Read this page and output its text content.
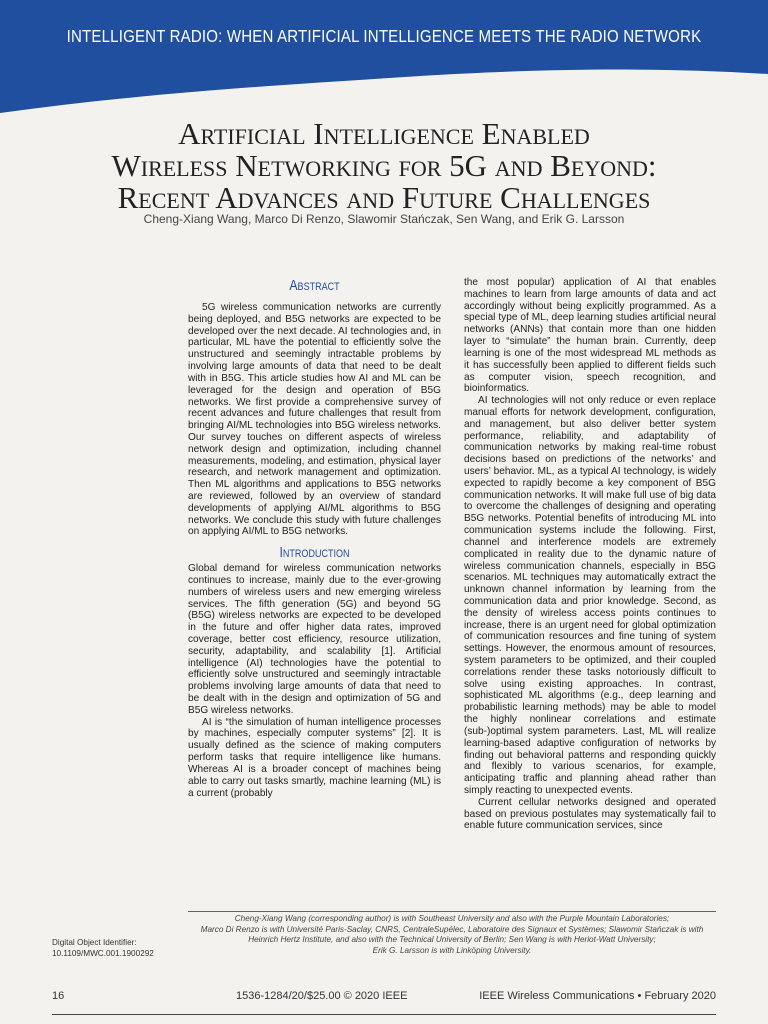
INTELLIGENT RADIO: WHEN ARTIFICIAL INTELLIGENCE MEETS THE RADIO NETWORK
Artificial Intelligence Enabled
Wireless Networking for 5G and Beyond:
Recent Advances and Future Challenges
Cheng-Xiang Wang, Marco Di Renzo, Slawomir Stańczak, Sen Wang, and Erik G. Larsson
Abstract

5G wireless communication networks are currently being deployed, and B5G networks are expected to be developed over the next decade. AI technologies and, in particular, ML have the potential to efficiently solve the unstructured and seemingly intractable problems by involving large amounts of data that need to be dealt with in B5G. This article studies how AI and ML can be leveraged for the design and operation of B5G networks. We first provide a comprehensive survey of recent advances and future challenges that result from bringing AI/ML technologies into B5G wireless networks. Our survey touches on different aspects of wireless network design and optimization, including channel measurements, modeling, and estimation, physical layer research, and network management and optimization. Then ML algorithms and applications to B5G networks are reviewed, followed by an overview of standard developments of applying AI/ML algorithms to B5G networks. We conclude this study with future challenges on applying AI/ML to B5G networks.

Introduction

Global demand for wireless communication networks continues to increase, mainly due to the ever-growing numbers of wireless users and new emerging wireless services. The fifth generation (5G) and beyond 5G (B5G) wireless networks are expected to be developed in the future and offer higher data rates, improved coverage, better cost efficiency, resource utilization, security, adaptability, and scalability [1]. Artificial intelligence (AI) technologies have the potential to efficiently solve unstructured and seemingly intractable problems involving large amounts of data that need to be dealt with in the design and optimization of 5G and B5G wireless networks.

AI is “the simulation of human intelligence processes by machines, especially computer systems” [2]. It is usually defined as the science of making computers perform tasks that require intelligence like humans. Whereas AI is a broader concept of machines being able to carry out tasks smartly, machine learning (ML) is a current (probably

the most popular) application of AI that enables machines to learn from large amounts of data and act accordingly without being explicitly programmed. As a special type of ML, deep learning studies artificial neural networks (ANNs) that contain more than one hidden layer to “simulate” the human brain. Currently, deep learning is one of the most widespread ML methods as it has successfully been applied to different fields such as computer vision, speech recognition, and bioinformatics.

AI technologies will not only reduce or even replace manual efforts for network development, configuration, and management, but also deliver better system performance, reliability, and adaptability of communication networks by making real-time robust decisions based on predictions of the networks’ and users’ behavior. ML, as a typical AI technology, is widely expected to rapidly become a key component of B5G communication networks. It will make full use of big data to overcome the challenges of designing and operating B5G networks. Potential benefits of introducing ML into communication systems include the following. First, channel and interference models are extremely complicated in reality due to the dynamic nature of wireless communication channels, especially in B5G scenarios. ML techniques may automatically extract the unknown channel information by learning from the communication data and prior knowledge. Second, as the density of wireless access points continues to increase, there is an urgent need for global optimization of communication resources and fine tuning of system settings. However, the enormous amount of resources, system parameters to be optimized, and their coupled correlations render these tasks notoriously difficult to solve using existing approaches. In contrast, sophisticated ML algorithms (e.g., deep learning and probabilistic learning methods) may be able to model the highly nonlinear correlations and estimate (sub-)optimal system parameters. Last, ML will realize learning-based adaptive configuration of networks by finding out behavioral patterns and responding quickly and flexibly to various scenarios, for example, anticipating traffic and planning ahead rather than simply reacting to unexpected events.

Current cellular networks designed and operated based on previous postulates may systematically fail to enable future communication services, since

Cheng-Xiang Wang (corresponding author) is with Southeast University and also with the Purple Mountain Laboratories;
Marco Di Renzo is with Université Paris-Saclay, CNRS, CentraleSupélec, Laboratoire des Signaux et Systèmes; Slawomir Stańczak is with
Heinrich Hertz Institute, and also with the Technical University of Berlin; Sen Wang is with Heriot-Watt University;
Erik G. Larsson is with Linköping University.
Digital Object Identifier:
10.1109/MWC.001.1900292
16	1536-1284/20/$25.00 © 2020 IEEE	IEEE Wireless Communications • February 2020
